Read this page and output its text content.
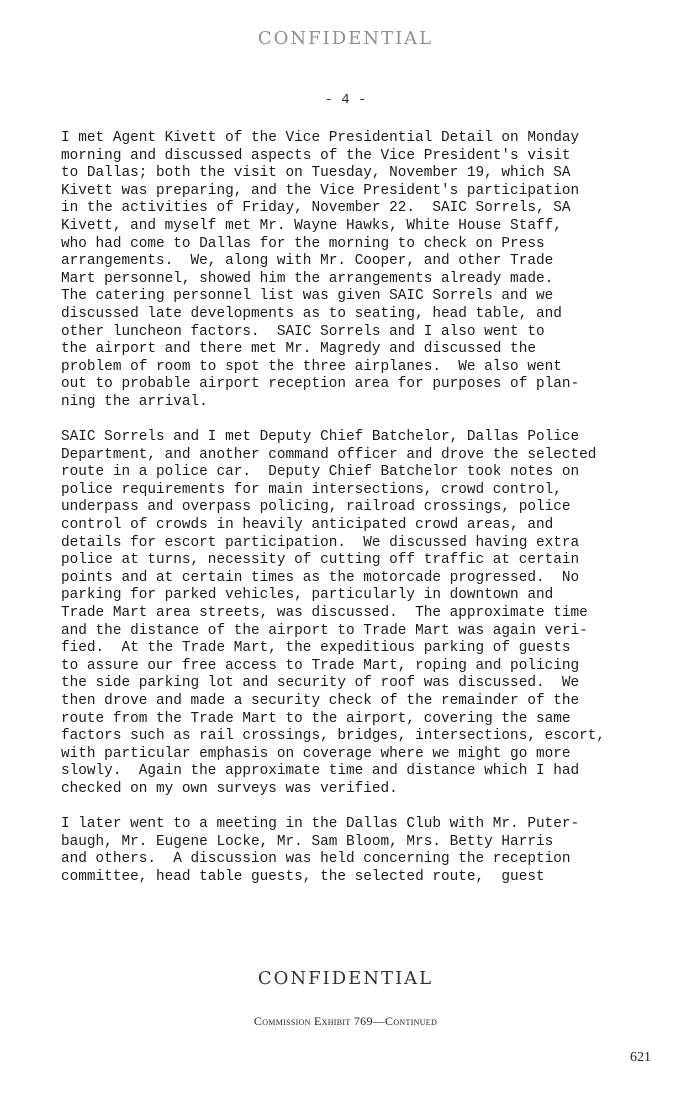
CONFIDENTIAL
- 4 -

I met Agent Kivett of the Vice Presidential Detail on Monday
morning and discussed aspects of the Vice President's visit
to Dallas; both the visit on Tuesday, November 19, which SA
Kivett was preparing, and the Vice President's participation
in the activities of Friday, November 22.  SAIC Sorrels, SA
Kivett, and myself met Mr. Wayne Hawks, White House Staff,
who had come to Dallas for the morning to check on Press
arrangements.  We, along with Mr. Cooper, and other Trade
Mart personnel, showed him the arrangements already made.
The catering personnel list was given SAIC Sorrels and we
discussed late developments as to seating, head table, and
other luncheon factors.  SAIC Sorrels and I also went to
the airport and there met Mr. Magredy and discussed the
problem of room to spot the three airplanes.  We also went
out to probable airport reception area for purposes of plan-
ning the arrival.

SAIC Sorrels and I met Deputy Chief Batchelor, Dallas Police
Department, and another command officer and drove the selected
route in a police car.  Deputy Chief Batchelor took notes on
police requirements for main intersections, crowd control,
underpass and overpass policing, railroad crossings, police
control of crowds in heavily anticipated crowd areas, and
details for escort participation.  We discussed having extra
police at turns, necessity of cutting off traffic at certain
points and at certain times as the motorcade progressed.  No
parking for parked vehicles, particularly in downtown and
Trade Mart area streets, was discussed.  The approximate time
and the distance of the airport to Trade Mart was again veri-
fied.  At the Trade Mart, the expeditious parking of guests
to assure our free access to Trade Mart, roping and policing
the side parking lot and security of roof was discussed.  We
then drove and made a security check of the remainder of the
route from the Trade Mart to the airport, covering the same
factors such as rail crossings, bridges, intersections, escort,
with particular emphasis on coverage where we might go more
slowly.  Again the approximate time and distance which I had
checked on my own surveys was verified.

I later went to a meeting in the Dallas Club with Mr. Puter-
baugh, Mr. Eugene Locke, Mr. Sam Bloom, Mrs. Betty Harris
and others.  A discussion was held concerning the reception
committee, head table guests, the selected route,  guest

CONFIDENTIAL
Commission Exhibit 769—Continued
621
